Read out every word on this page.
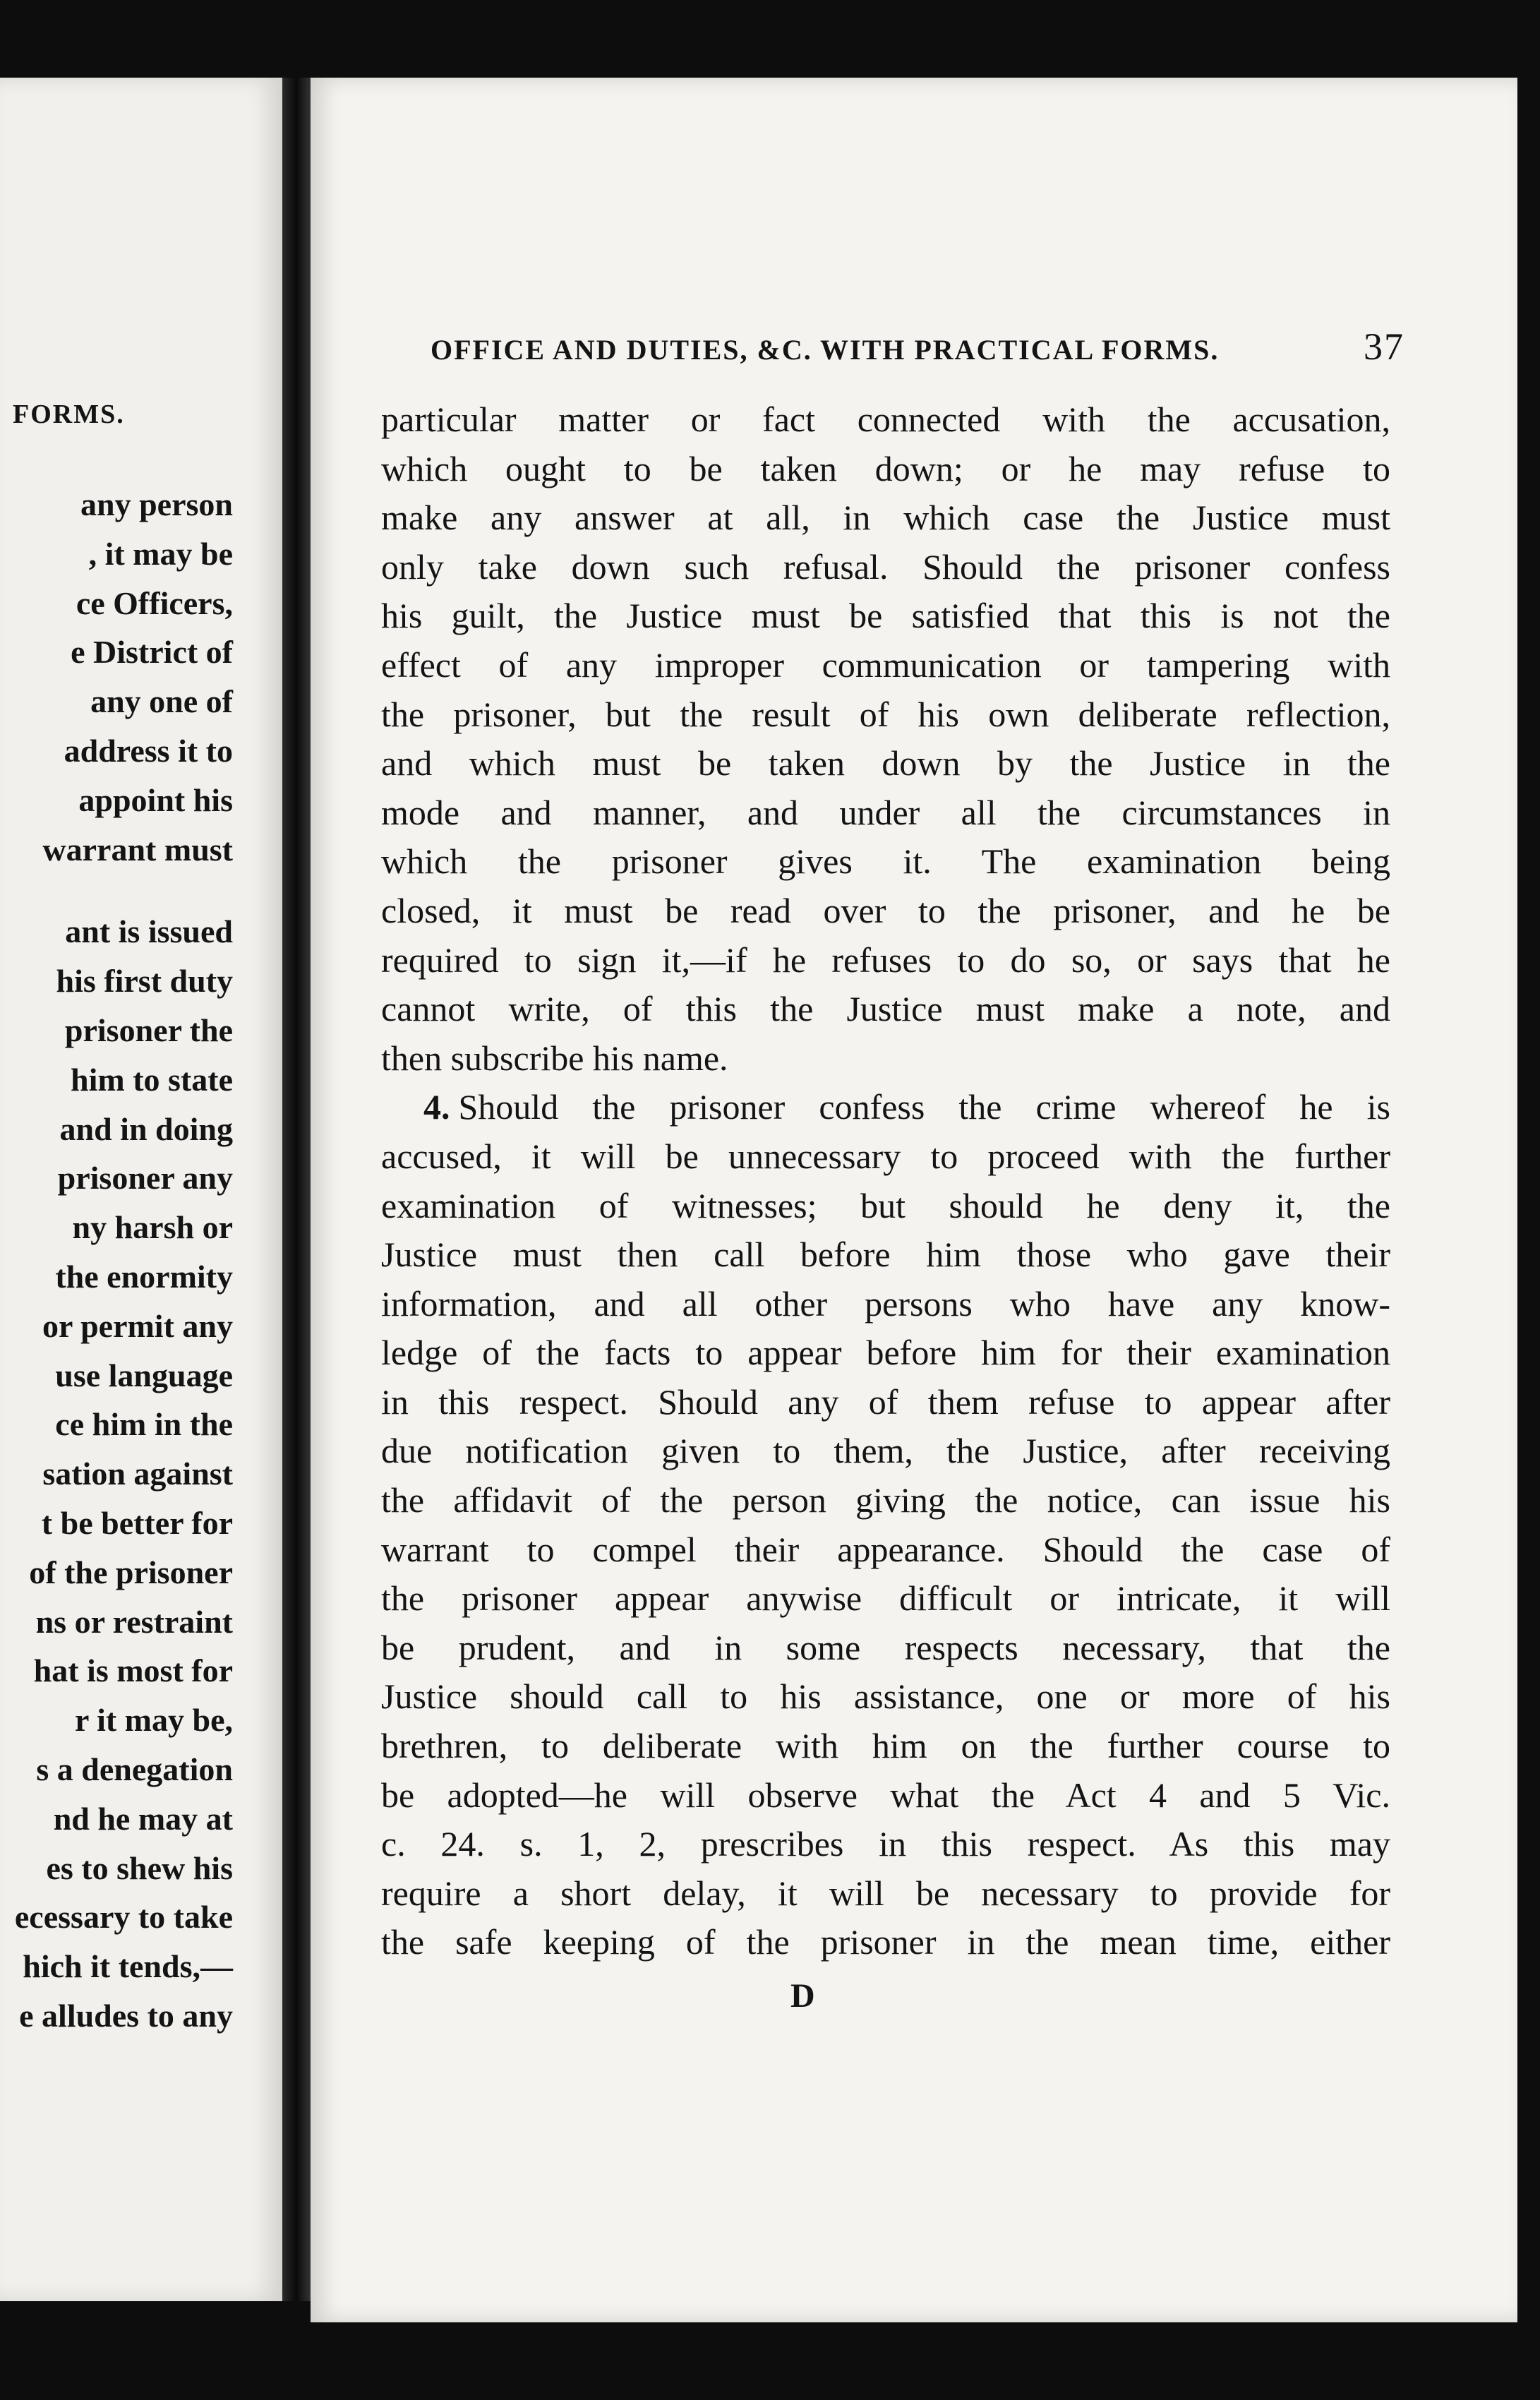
FORMS.
any person
, it may be
ce Officers,
e District of
any one of
address it to
appoint his
warrant must
ant is issued
his first duty
prisoner the
him to state
and in doing
prisoner any
ny harsh or
the enormity
or permit any
use language
ce him in the
sation against
t be better for
of the prisoner
ns or restraint
hat is most for
r it may be,
s a denegation
nd he may at
es to shew his
ecessary to take
hich it tends,—
e alludes to any
OFFICE AND DUTIES, &C. WITH PRACTICAL FORMS.	37
particular matter or fact connected with the accusation,
which ought to be taken down; or he may refuse to
make any answer at all, in which case the Justice must
only take down such refusal. Should the prisoner confess
his guilt, the Justice must be satisfied that this is not the
effect of any improper communication or tampering with
the prisoner, but the result of his own deliberate reflection,
and which must be taken down by the Justice in the
mode and manner, and under all the circumstances in
which the prisoner gives it. The examination being
closed, it must be read over to the prisoner, and he be
required to sign it,—if he refuses to do so, or says that he
cannot write, of this the Justice must make a note, and
then subscribe his name.
4. Should the prisoner confess the crime whereof he is
accused, it will be unnecessary to proceed with the further
examination of witnesses; but should he deny it, the
Justice must then call before him those who gave their
information, and all other persons who have any know-
ledge of the facts to appear before him for their examination
in this respect. Should any of them refuse to appear after
due notification given to them, the Justice, after receiving
the affidavit of the person giving the notice, can issue his
warrant to compel their appearance. Should the case of
the prisoner appear anywise difficult or intricate, it will
be prudent, and in some respects necessary, that the
Justice should call to his assistance, one or more of his
brethren, to deliberate with him on the further course to
be adopted—he will observe what the Act 4 and 5 Vic.
c. 24. s. 1, 2, prescribes in this respect. As this may
require a short delay, it will be necessary to provide for
the safe keeping of the prisoner in the mean time, either
D
